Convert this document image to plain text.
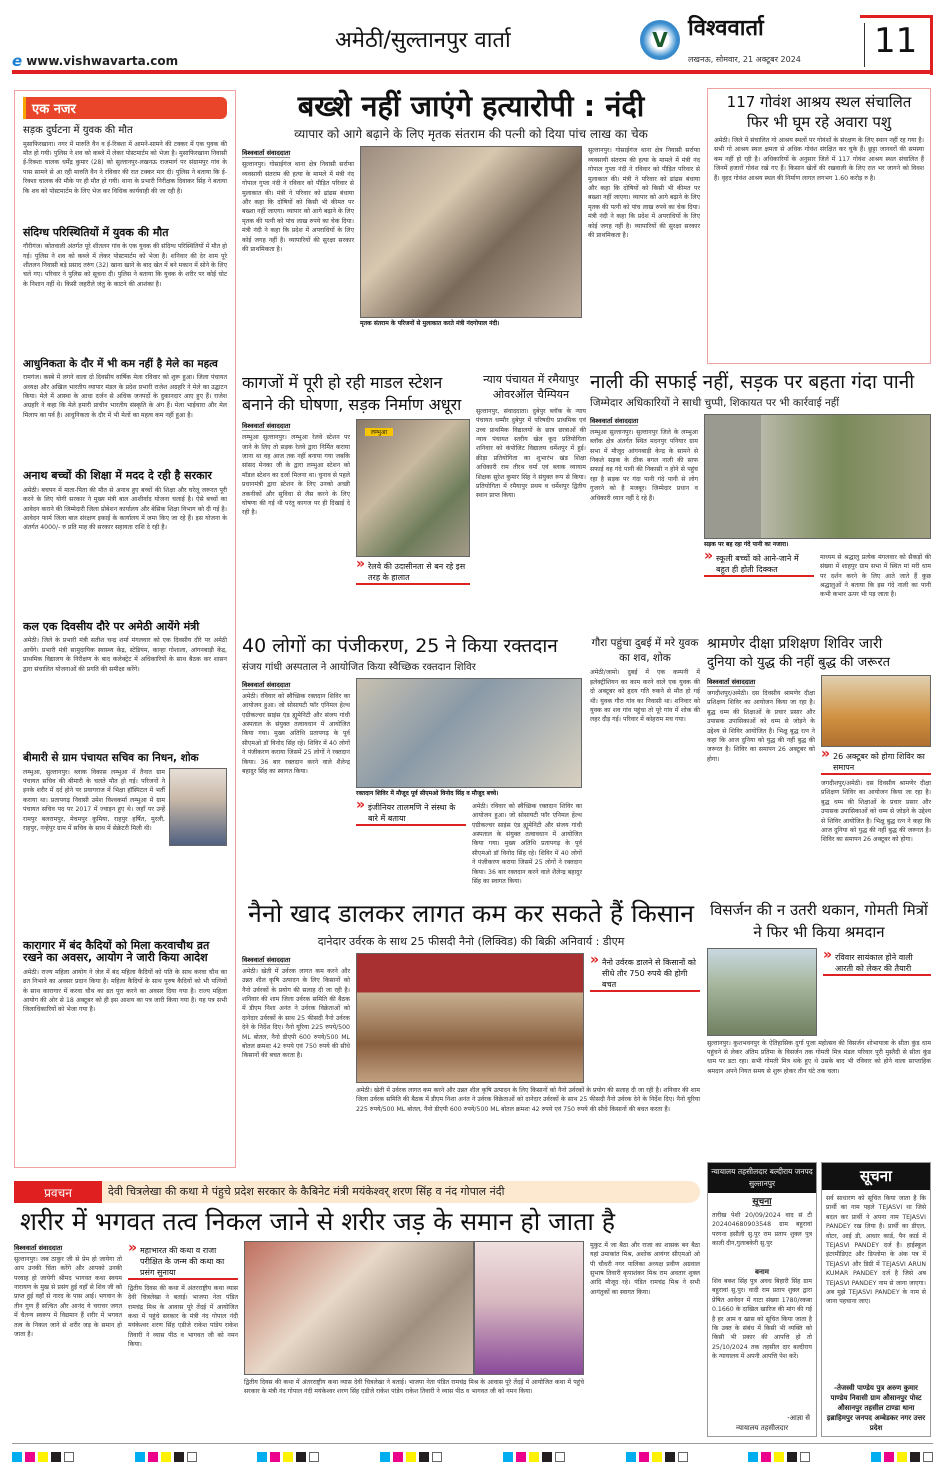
e www.vishwavarta.com
अमेठी/सुल्तानपुर वार्ता	V विश्ववार्ता
लखनऊ, सोमवार, 21 अक्टूबर 2024 11
एक नजर
सड़क दुर्घटना में युवक की मौत
मुसाफिरखाना। नगर में मारुति वैन व ई-रिक्शा में आमने-सामने की टक्कर में एक युवक की मौत हो गयी। पुलिस ने शव को कब्जे में लेकर पोस्टमार्टम को भेजा है। मुसाफिरखाना निवासी ई-रिक्शा चालक धर्मेंद्र कुमार (28) को सुल्तानपुर-लखनऊ राजमार्ग पर संग्रामपुर गांव के पास सामने से आ रही मारुति वैन ने रविवार की रात टक्कर मार दी। पुलिस ने बताया कि ई-रिक्शा चालक की मौके पर ही मौत हो गयी। थाना के प्रभारी निरीक्षक दिवाकर सिंह ने बताया कि शव को पोस्टमार्टम के लिए भेज कर विधिक कार्यवाही की जा रही है।
संदिग्ध परिस्थितियों में युवक की मौत
गौरीगंज। कोतवाली अंतर्गत पूरे शीतलन गांव के एक युवक की संदिग्ध परिस्थितियों में मौत हो गई। पुलिस ने शव को कब्जे में लेकर पोस्टमार्टम को भेजा है। शनिवार की देर शाम पूरे शीतलन निवासी बड़े प्रसाद तरुंग (32) खाना खाने के बाद खेत में बने मकान में सोने के लिए चले गए। परिवार ने पुलिस को सूचना दी। पुलिस ने बताया कि युवक के शरीर पर कोई चोट के निशान नहीं थे। किसी जहरीले जंतु के काटने की आशंका है।
आधुनिकता के दौर में भी कम नहीं है मेले का महत्व
रामगंज। कस्बे में लगने वाला दो दिवसीय वार्षिक मेला रविवार को शुरू हुआ। जिला पंचायत अध्यक्ष और अखिल भारतीय व्यापार मंडल के प्रदेश प्रभारी राजेश अग्रहरि ने मेले का उद्घाटन किया। मेले में आस्था के आधा दर्जन से अधिक जनपदों के दुकानदार आए हुए हैं। राजेश अग्रहरि ने कहा कि मेले हमारी प्राचीन भारतीय संस्कृति के अंग हैं। मेला भाईचारा और मेल मिलाप का पर्व है। आधुनिकता के दौर में भी मेलों का महत्व कम नहीं हुआ है।
अनाथ बच्चों की शिक्षा में मदद दे रही है सरकार
अमेठी। बचपन में माता-पिता की मौत से अनाथ हुए बच्चों की शिक्षा और घरेलू जरूरत पूरी करने के लिए योगी सरकार ने मुख्य मंत्री बाल आशीर्वाद योजना चलाई है। ऐसे बच्चों का आवेदन कराने की जिम्मेदारी जिला प्रोबेशन कार्यालय और बेसिक शिक्षा विभाग को दी गई है। आवेदन फार्म जिला बाल संरक्षण इकाई के कार्यालय में जमा किए जा रहे हैं। इस योजना के अंतर्गत 4000/- रु प्रति माह की सरकार सहायता राशि दे रही है।
कल एक दिवसीय दौरे पर अमेठी आयेंगे मंत्री
अमेठी। जिले के प्रभारी मंत्री सतीश चन्द्र शर्मा मंगलवार को एक दिवसीय दौरे पर अमेठी आयेंगे। प्रभारी मंत्री सामुदायिक स्वास्थ्य केंद्र, स्टेडियम, कान्हा गोशाला, आंगनबाड़ी केंद्र, प्राथमिक विद्यालय के निरीक्षण के बाद कलेक्ट्रेट में अधिकारियों के साथ बैठक कर शासन द्वारा संचालित योजनाओं की प्रगति की समीक्षा करेंगे।
बीमारी से ग्राम पंचायत सचिव का निधन, शोक
लम्भुआ, सुल्तानपुर। ब्लाक विकास लम्भुआ में तैनात ग्राम पंचायत सचिव की बीमारी के चलते मौत हो गई। परिजनों ने इनके शरीर में दर्द होने पर प्रयागराज में भिक्षा हॉस्पिटल में भर्ती कराया था। प्रतापगढ़ निवासी उमेश विश्वकर्मा लम्भुआ में ग्राम पंचायत सचिव पद पर 2017 में ज्वाइन हुए थे। जहाँ पर उन्हें रामपुर बलरामपुर, मेचमपुर कुमिया, राहपुर हर्षित, मुरली, राहपुर, नन्हेपुर ग्राम में सचिव के साथ में सेक्रेटरी मिली थी।
कारागार में बंद कैदियों को मिला करवाचौथ व्रत रखने का अवसर, आयोग ने जारी किया आदेश
अमेठी। राज्य महिला आयोग ने जेल में बंद महिला कैदियों को पति के साथ करवा चौथ का व्रत निभाने का अवसर प्रदान किया है। महिला कैदियों के साथ पुरुष कैदियों को भी पत्नियों के साथ कारागार में करवा चौथ का व्रत पूरा करने का अवसर दिया गया है। राज्य महिला आयोग की ओर से 18 अक्टूबर को ही इस आशय का पत्र जारी किया गया है। यह पत्र सभी जिलाधिकारियों को भेजा गया है।
बख्शे नहीं जाएंगे हत्यारोपी : नंदी
व्यापार को आगे बढ़ाने के लिए मृतक संतराम की पत्नी को दिया पांच लाख का चेक
विश्ववार्ता संवाददाता
सुल्तानपुर। गोसाईगंज थाना क्षेत्र निवासी सर्राफा व्यवसायी संतराम की हत्या के मामले में मंत्री नंद गोपाल गुप्ता नंदी ने रविवार को पीड़ित परिवार से मुलाकात की। मंत्री ने परिवार को ढांढस बंधाया और कहा कि दोषियों को किसी भी कीमत पर बख्शा नहीं जाएगा। व्यापार को आगे बढ़ाने के लिए मृतक की पत्नी को पांच लाख रुपये का चेक दिया। मंत्री नंदी ने कहा कि प्रदेश में अपराधियों के लिए कोई जगह नहीं है। व्यापारियों की सुरक्षा सरकार की प्राथमिकता है।
मृतक संतराम के परिजनों से मुलाकात करते मंत्री नंदगोपाल नंदी।
सुल्तानपुर। गोसाईगंज थाना क्षेत्र निवासी सर्राफा व्यवसायी संतराम की हत्या के मामले में मंत्री नंद गोपाल गुप्ता नंदी ने रविवार को पीड़ित परिवार से मुलाकात की। मंत्री ने परिवार को ढांढस बंधाया और कहा कि दोषियों को किसी भी कीमत पर बख्शा नहीं जाएगा। व्यापार को आगे बढ़ाने के लिए मृतक की पत्नी को पांच लाख रुपये का चेक दिया। मंत्री नंदी ने कहा कि प्रदेश में अपराधियों के लिए कोई जगह नहीं है। व्यापारियों की सुरक्षा सरकार की प्राथमिकता है।
117 गोवंश आश्रय स्थल संचालित फिर भी घूम रहे अवारा पशु
अमेठी। जिले में संचालित गो आश्रय स्थलों पर गोवंशों के संरक्षण के लिए स्थान नहीं रह गया है। सभी गो आश्रय स्थल क्षमता से अधिक गोवंश संरक्षित कर चुके हैं। छुट्टा जानवरों की समस्या कम नहीं हो रही है। अधिकारियों के अनुसार जिले में 117 गोवंश आश्रय स्थल संचालित हैं जिनमें हजारों गोवंश रखे गए हैं। किसान खेतों की रखवाली के लिए रात भर जागने को विवश हैं। वृहद गोवंश आश्रय स्थल की निर्माण लागत लगभग 1.60 करोड़ रु है।
कागजों में पूरी हो रही माडल स्टेशन बनाने की घोषणा, सड़क निर्माण अधूरा
विश्ववार्ता संवाददाता
लम्भुआ सुल्तानपुर। लम्भुआ रेलवे स्टेशन पर जाने के लिए तो सड़क रेलवे द्वारा निर्मित कराया जाना था वह आज तक नहीं बनाया गया जबकि सांसद मेनका जी के द्वारा लम्भुआ स्टेशन को मॉडल स्टेशन का दर्जा मिलना था। चुनाव से पहले प्रधानमंत्री द्वारा स्टेशन के लिए उनको अच्छी तकनीकों और सुविधा से लैस करने के लिए घोषणा की गई थी परंतु कागज पर ही दिखाई दे रही है।
लम्भुआ
» रेलवे की उदासीनता से बन रहे इस तरह के हालात
न्याय पंचायत में रमैयापुर ओवरऑल चैम्पियन
सुल्तानपुर, संवाददाता। दुबेपुर ब्लॉक के न्याय पंचायत धम्मौर दुबेपुर में परिषदीय प्राथमिक एवं उच्च प्राथमिक विद्यालयों के छात्र छात्राओं की न्याय पंचायत स्तरीय खेल कूद प्रतियोगिता शनिवार को कंपोजिट विद्यालय धर्मेशपुर में हुई। क्रीड़ा प्रतियोगिता का शुभारंभ खंड शिक्षा अधिकारी राम तीरथ वर्मा एवं ब्लाक व्यायाम शिक्षक सुरेश कुमार सिंह ने संयुक्त रूप से किया। प्रतियोगिता में रमैयापुर प्रथम व धर्मेशपुर द्वितीय स्थान प्राप्त किया।
नाली की सफाई नहीं, सड़क पर बहता गंदा पानी
जिम्मेदार अधिकारियों ने साधी चुप्पी, शिकायत पर भी कार्रवाई नहीं
विश्ववार्ता संवाददाता
लम्भुआ सुल्तानपुर। सुल्तानपुर जिले के लम्भुआ ब्लॉक क्षेत्र अंतर्गत स्थित मदनपुर पनियार ग्राम सभा में मौजूद आंगनबाड़ी केन्द्र के सामने से निकले सड़क के ठीक बगल नाली की साफ सफाई वह गंदे पानी की निकासी न होने से पहुंच रहा है सड़क पर गंदा पानी गंदे पानी से लोग गुजरने को है मजबूर। जिम्मेदार प्रधान व अधिकारी ध्यान नहीं दे रहे हैं।
सड़क पर बह रहा गंदे पानी का नजारा।
» स्कूली बच्चों को आने-जाने में बहुत ही होती दिक्कत
माध्यम से श्रद्धालु प्रत्येक मंगलवार को सैकड़ों की संख्या में शाहपुर ग्राम सभा में स्थित मां मरी धाम पर दर्शन करने के लिए आते जाते हैं कुछ श्रद्धालुओं ने बताया कि इस गंदे नाली का पानी कभी कभार ऊपर भी पड़ जाता है।
40 लोगों का पंजीकरण, 25 ने किया रक्तदान
संजय गांधी अस्पताल ने आयोजित किया स्वैच्छिक रक्तदान शिविर
विश्ववार्ता संवाददाता
अमेठी। रविवार को स्वैच्छिक रक्तदान शिविर का आयोजन हुआ। जो सोसायटी फॉर एनिमल हेल्थ एग्रीकल्चर साइंस एंड ह्यूमेनिटी और संजय गांधी अस्पताल के संयुक्त तत्वावधान में आयोजित किया गया। मुख्य अतिथि प्रतापगढ़ के पूर्व सीएमओ डॉ विनोद सिंह रहे। शिविर में 40 लोगों ने पंजीकरण कराया जिसमें 25 लोगों ने रक्तदान किया। 36 बार रक्तदान करने वाले शैलेन्द्र बहादुर सिंह का स्वागत किया।
रक्तदान शिविर में मौजूद पूर्व सीएमओ विनोद सिंह व मौजूद बच्चे।
» इंजीनियर तालमणि ने संस्था के बारे में बताया
अमेठी। रविवार को स्वैच्छिक रक्तदान शिविर का आयोजन हुआ। जो सोसायटी फॉर एनिमल हेल्थ एग्रीकल्चर साइंस एंड ह्यूमेनिटी और संजय गांधी अस्पताल के संयुक्त तत्वावधान में आयोजित किया गया। मुख्य अतिथि प्रतापगढ़ के पूर्व सीएमओ डॉ विनोद सिंह रहे। शिविर में 40 लोगों ने पंजीकरण कराया जिसमें 25 लोगों ने रक्तदान किया। 36 बार रक्तदान करने वाले शैलेन्द्र बहादुर सिंह का स्वागत किया।
गौरा पहुंचा दुबई में मरे युवक का शव, शोक
अमेठी/जामो। दुबई में एक कम्पनी में इलेक्ट्रीशियन का काम करने वाले एक युवक की दो अक्टूबर को हृदय गति रुकने से मौत हो गई थी। युवक गौरा गांव का निवासी था। शनिवार को युवक का शव गांव पहुंचा तो पूरे गांव में शोक की लहर दौड़ गई। परिवार में कोहराम मच गया।
श्रामणेर दीक्षा प्रशिक्षण शिविर जारी
दुनिया को युद्ध की नहीं बुद्ध की जरूरत
विश्ववार्ता संवाददाता
जगदीशपुर/अमेठी। दस दिवसीय श्रामणेर दीक्षा प्रशिक्षण शिविर का आयोजन किया जा रहा है। बुद्ध धम्म की शिक्षाओं के प्रचार प्रसार और उपासक उपासिकाओं को धम्म से जोड़ने के उद्देश्य से शिविर आयोजित है। भिक्षु बुद्ध रत्न ने कहा कि आज दुनिया को युद्ध की नहीं बुद्ध की जरूरत है। शिविर का समापन 26 अक्टूबर को होगा।	» 26 अक्टूबर को होगा शिविर का समापन
जगदीशपुर/अमेठी। दस दिवसीय श्रामणेर दीक्षा प्रशिक्षण शिविर का आयोजन किया जा रहा है। बुद्ध धम्म की शिक्षाओं के प्रचार प्रसार और उपासक उपासिकाओं को धम्म से जोड़ने के उद्देश्य से शिविर आयोजित है। भिक्षु बुद्ध रत्न ने कहा कि आज दुनिया को युद्ध की नहीं बुद्ध की जरूरत है। शिविर का समापन 26 अक्टूबर को होगा।
नैनो खाद डालकर लागत कम कर सकते हैं किसान
दानेदार उर्वरक के साथ 25 फीसदी नैनो (लिक्विड) की बिक्री अनिवार्य : डीएम
विश्ववार्ता संवाददाता
अमेठी। खेती में उर्वरक लागत कम करने और उन्नत शील कृषि उत्पादन के लिए किसानों को नैनो उर्वरकों के प्रयोग की सलाह दी जा रही है। शनिवार की शाम जिला उर्वरक समिति की बैठक में डीएम निशा अनंत ने उर्वरक विक्रेताओं को दानेदार उर्वरकों के साथ 25 फीसदी नैनो उर्वरक देने के निर्देश दिए। नैनो यूरिया 225 रुपये/500 ML बोतल, नैनो डीएपी 600 रुपये/500 ML बोतल क्रमशः 42 रुपये एवं 750 रुपये की सीधे किसानों की बचत करता है।
» नैनो उर्वरक डालने से किसानों को सीधे तौर 750 रुपये की होगी बचत
अमेठी। खेती में उर्वरक लागत कम करने और उन्नत शील कृषि उत्पादन के लिए किसानों को नैनो उर्वरकों के प्रयोग की सलाह दी जा रही है। शनिवार की शाम जिला उर्वरक समिति की बैठक में डीएम निशा अनंत ने उर्वरक विक्रेताओं को दानेदार उर्वरकों के साथ 25 फीसदी नैनो उर्वरक देने के निर्देश दिए। नैनो यूरिया 225 रुपये/500 ML बोतल, नैनो डीएपी 600 रुपये/500 ML बोतल क्रमशः 42 रुपये एवं 750 रुपये की सीधे किसानों की बचत करता है।
विसर्जन की न उतरी थकान, गोमती मित्रों ने फिर भी किया श्रमदान
» रविवार सायंकाल होने वाली आरती को लेकर की तैयारी
सुल्तानपुर। कुशभवनपुर के ऐतिहासिक दुर्गा पूजा महोत्सव की विसर्जन शोभायात्रा के सीता कुंड धाम पहुंचने से लेकर अंतिम प्रतिमा के विसर्जन तक गोमती मित्र मंडल परिवार पूरी मुस्तैदी से सीता कुंड धाम पर डटा रहा। सभी गोमती मित्र थके हुए थे उसके बाद भी रविवार को होने वाला साप्ताहिक श्रमदान अपने नियत समय से शुरू होकर तीन घंटे तक चला।
प्रवचन	देवी चित्रलेखा की कथा मे पंहुचे प्रदेश सरकार के कैबिनेट मंत्री मयंकेश्वर् शरण सिंह व नंद गोपाल नंदी
शरीर में भगवत तत्व निकल जाने से शरीर जड़ के समान हो जाता है
विश्ववार्ता संवाददाता
सुल्तानपुर। जब ठाकुर जी से प्रेम हो जायेगा तो आप उनकी चिंता करेंगे और आपको उनकी परवाह हो जायेगी श्रीमद भागवत कथा स्वयम नारायण के मुख से प्रसंग हुई वहाँ से शिव जी को प्राप्त हुई वहाँ से नारद के पास आई। भगवान के तीन गुण हैं सत्चित और आनंद ये चराचर जगत में चैतन्य स्वरूप में विद्यमान हैं शरीर में भगवत तत्व के निकल जाने से शरीर जड़ के समान हो जाता है।
» महाभारत की कथा व राजा परीक्षित के जन्म की कथा का प्रसंग सुनाया
द्वितीय दिवस की कथा में अंतरराष्ट्रीय कथा व्यास देवी चित्रलेखा ने बताई। भाजपा नेता पंडित रामचंद्र मिश्र के आवास पूरे तेंदई में आयोजित कथा में पहुंचे सरकार के मंत्री नंद गोपाल नंदी मयंकेश्वर शरण सिंह एडीजे राकेश पांडेय राकेश तिवारी ने व्यास पीठ व भागवत जी को नमन किया।
द्वितीय दिवस की कथा में अंतरराष्ट्रीय कथा व्यास देवी चित्रलेखा ने बताई। भाजपा नेता पंडित रामचंद्र मिश्र के आवास पूरे तेंदई में आयोजित कथा में पहुंचे सरकार के मंत्री नंद गोपाल नंदी मयंकेश्वर शरण सिंह एडीजे राकेश पांडेय राकेश तिवारी ने व्यास पीठ व भागवत जी को नमन किया।
मुकुट में जा बैठा और राजा का शासक बन बैठा यहां उमाकांत मिश्र, अशोक आयंगर सीएमओ ओ पी चौधरी नगर पालिका अध्यक्ष प्रवीण अग्रवाल सुभाष तिवारी कृपाशंकर मिश्र राम अवतार शुक्ल आदि मौजूद रहे। पंडित रामचंद्र मिश्र ने सभी आगंतुकों का स्वागत किया।
न्यायालय तहसीलदार बल्दीराय जनपद सुल्तानपुर
सूचना
तारीख पेशी 20/09/2024 वाद सं टी 202404680903548 ग्राम बहुरावां परगना इसौली सु.पुर राम प्रताप शुक्ल पुत्र काली दीन,गुलाबकेरी सु.पुर
बनाम
शिव बक्श सिंह पुत्र अवध बिहारी सिंह ग्राम बहुरावां सु.पुर। वादी राम प्रताप शुक्ल द्वारा प्रेषित आवेदन में गाटा संख्या 1780/रकबा 0.1660 के दाखिल खारिज की मांग की गई है हर आम व खास को सूचित किया जाता है कि उक्त के संबंध में किसी भी व्यक्ति को किसी भी प्रकार की आपत्ति हो तो 25/10/2024 तक तहसील दार बल्दीराय के न्यायालय में अपनी आपत्ति पेश करें।
-आज्ञा से
न्यायालय तहसीलदार
सूचना
सर्व साधारण को सूचित किया जाता है कि प्रार्थी का नाम पहले TEJASVI था जिसे बदल कर प्रार्थी ने अपना नाम TEJASVI PANDEY रख लिया है। प्रार्थी का डीएल, वोटर, आई डी, आधार कार्ड, पैन कार्ड में TEJASVI PANDEY दर्ज है। हाईस्कूल इंटरमीडिएट और डिप्लोमा के अंक पत्र में TEJASVI और डिग्री में TEJASVI ARUN KUMAR PANDEY दर्ज है जिसे अब TEJASVI PANDEY नाम से जाना जाएगा। अब मुझे TEJASVI PANDEY के नाम से जाना पहचाना जाए।
-तेजस्वी पाण्डेय पुत्र अरुण कुमार पाण्डेय निवासी ग्राम औसानपुर पोस्ट औसानपुर तहसील टाण्डा थाना इब्राहिमपुर जनपद अम्बेडकर नगर उत्तर प्रदेश
